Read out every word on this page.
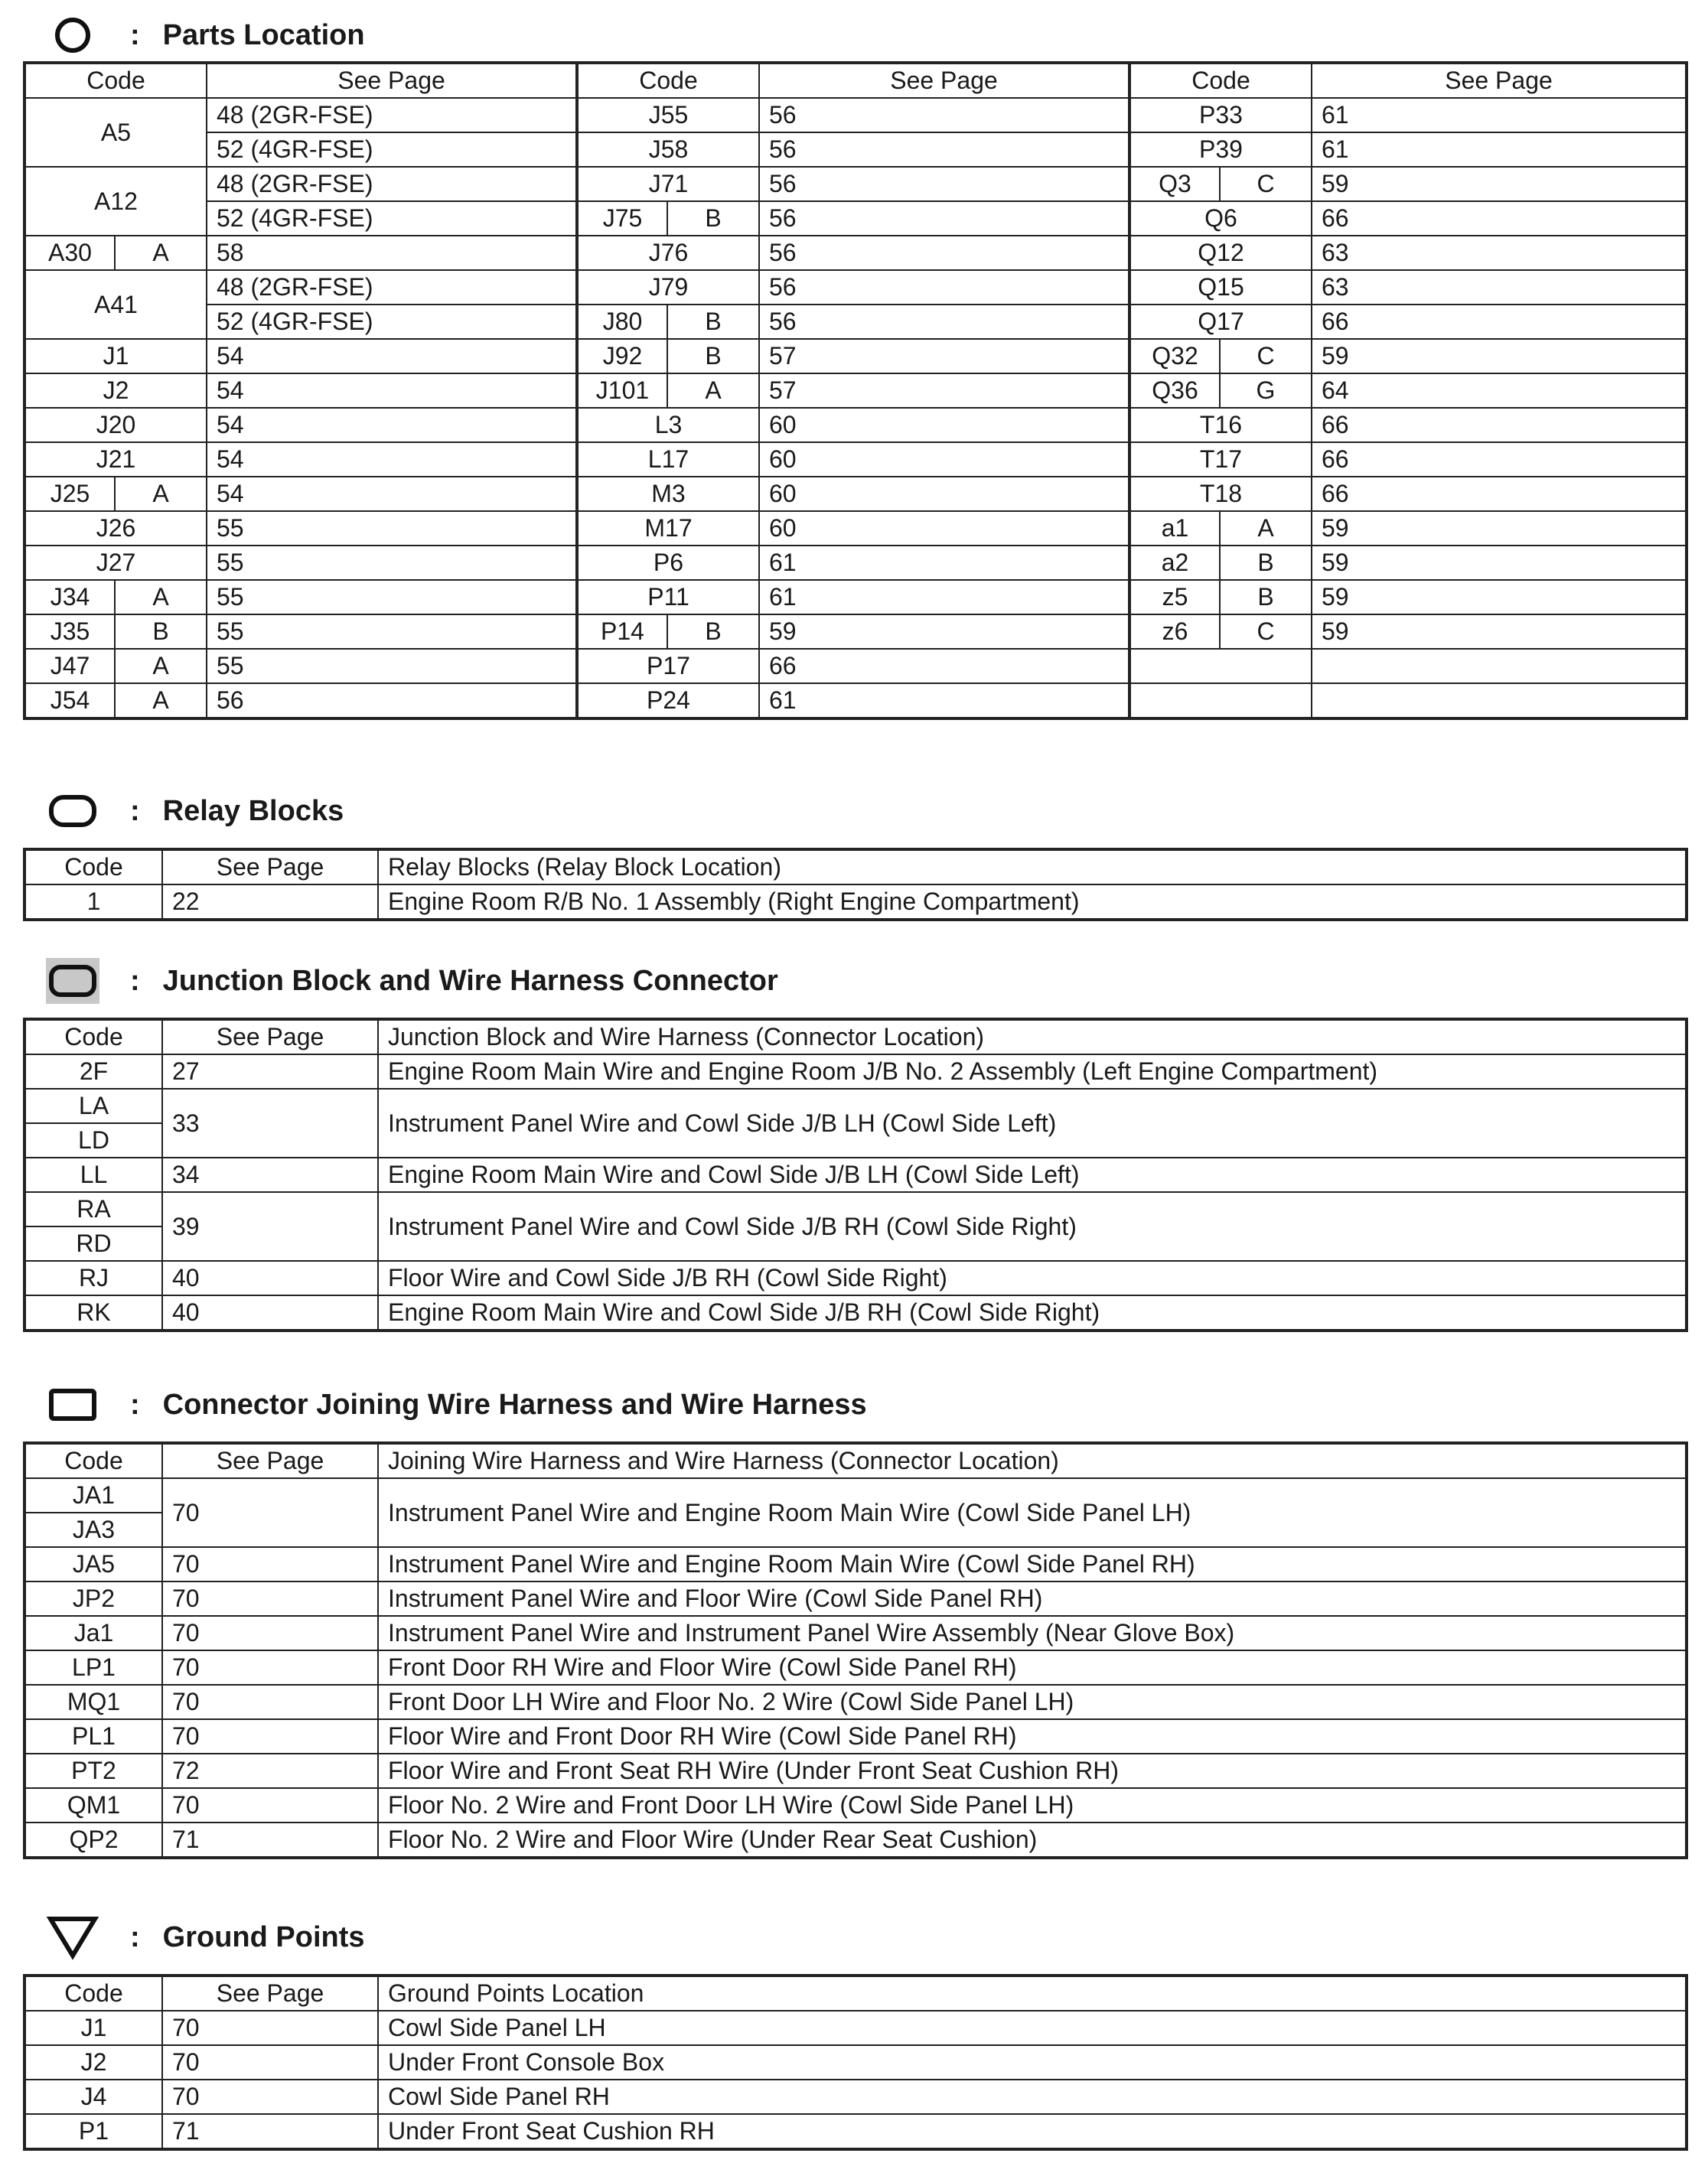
: Parts Location
Code		See Page	Code		See Page	Code		See Page
A5		48 (2GR-FSE)	J55		56	P33		61
		52 (4GR-FSE)	J58		56	P39		61
A12		48 (2GR-FSE)	J71		56	Q3	C	59
		52 (4GR-FSE)	J75	B	56	Q6		66
A30	A	58	J76		56	Q12		63
A41		48 (2GR-FSE)	J79		56	Q15		63
		52 (4GR-FSE)	J80	B	56	Q17		66
J1		54	J92	B	57	Q32	C	59
J2		54	J101	A	57	Q36	G	64
J20		54	L3		60	T16		66
J21		54	L17		60	T17		66
J25	A	54	M3		60	T18		66
J26		55	M17		60	a1	A	59
J27		55	P6		61	a2	B	59
J34	A	55	P11		61	z5	B	59
J35	B	55	P14	B	59	z6	C	59
J47	A	55	P17		66			
J54	A	56	P24		61			
: Relay Blocks
Code	See Page	Relay Blocks (Relay Block Location)
1	22	Engine Room R/B No. 1 Assembly (Right Engine Compartment)
: Junction Block and Wire Harness Connector
Code	See Page	Junction Block and Wire Harness (Connector Location)
2F	27	Engine Room Main Wire and Engine Room J/B No. 2 Assembly (Left Engine Compartment)
LA	33	Instrument Panel Wire and Cowl Side J/B LH (Cowl Side Left)
LD		
LL	34	Engine Room Main Wire and Cowl Side J/B LH (Cowl Side Left)
RA	39	Instrument Panel Wire and Cowl Side J/B RH (Cowl Side Right)
RD		
RJ	40	Floor Wire and Cowl Side J/B RH (Cowl Side Right)
RK	40	Engine Room Main Wire and Cowl Side J/B RH (Cowl Side Right)
: Connector Joining Wire Harness and Wire Harness
Code	See Page	Joining Wire Harness and Wire Harness (Connector Location)
JA1	70	Instrument Panel Wire and Engine Room Main Wire (Cowl Side Panel LH)
JA3		
JA5	70	Instrument Panel Wire and Engine Room Main Wire (Cowl Side Panel RH)
JP2	70	Instrument Panel Wire and Floor Wire (Cowl Side Panel RH)
Ja1	70	Instrument Panel Wire and Instrument Panel Wire Assembly (Near Glove Box)
LP1	70	Front Door RH Wire and Floor Wire (Cowl Side Panel RH)
MQ1	70	Front Door LH Wire and Floor No. 2 Wire (Cowl Side Panel LH)
PL1	70	Floor Wire and Front Door RH Wire (Cowl Side Panel RH)
PT2	72	Floor Wire and Front Seat RH Wire (Under Front Seat Cushion RH)
QM1	70	Floor No. 2 Wire and Front Door LH Wire (Cowl Side Panel LH)
QP2	71	Floor No. 2 Wire and Floor Wire (Under Rear Seat Cushion)
: Ground Points
Code	See Page	Ground Points Location
J1	70	Cowl Side Panel LH
J2	70	Under Front Console Box
J4	70	Cowl Side Panel RH
P1	71	Under Front Seat Cushion RH
